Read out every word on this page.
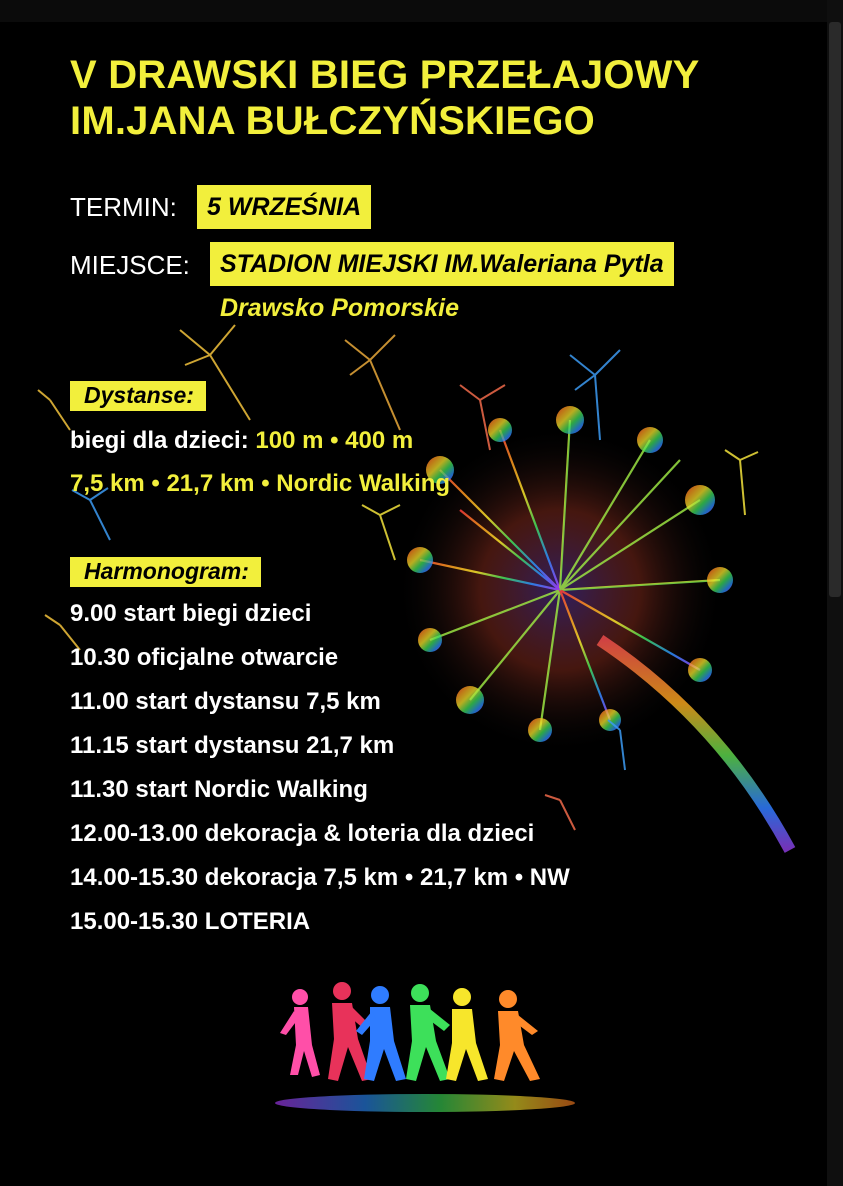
V DRAWSKI BIEG PRZEŁAJOWY
IM.JANA BUŁCZYŃSKIEGO
TERMIN:	5 WRZEŚNIA
MIEJSCE:	STADION MIEJSKI IM.Waleriana Pytla
Drawsko Pomorskie
Dystanse:
biegi dla dzieci: 100 m • 400 m
7,5 km • 21,7 km • Nordic Walking
Harmonogram:
9.00 start biegi dzieci
10.30 oficjalne otwarcie
11.00 start dystansu 7,5 km
11.15 start dystansu 21,7 km
11.30 start Nordic Walking
12.00-13.00 dekoracja & loteria dla dzieci
14.00-15.30 dekoracja 7,5 km • 21,7 km • NW
15.00-15.30 LOTERIA
